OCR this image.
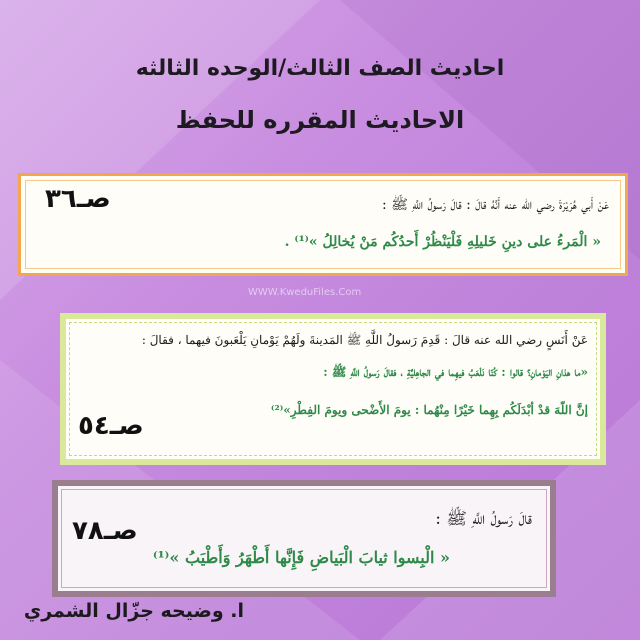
احاديث الصف الثالث/الوحده الثالثه
الاحاديث المقرره للحفظ
صـ٣٦	عَنْ أَبي هُرَيْرَةَ رضي الله عنه أَنَّهُ قالَ : قالَ رَسولُ اللَّهِ ﷺ :
« الْمَرءُ على دينِ خَليلِهِ فَلْيَنْظُرْ أَحدُكُم مَنْ يُخالِلُ »⁽¹⁾ .
WWW.KweduFiles.Com
عَنْ أَنَسٍ رضي الله عنه قالَ : قَدِمَ رَسولُ اللَّهِ ﷺ المَدينةَ ولَهُمْ يَوْمانِ يَلْعَبونَ فيهما ، فقالَ :
«ما هذانِ اليَوْمانِ؟ قالوا : كُنّا نَلْعَبُ فيهِما في الجاهِليَّةِ ، فقالَ رَسولُ اللَّهِ ﷺ :
إنَّ اللّهَ قدْ أبْدَلَكُم بِهِما خَيْرًا مِنْهُما : يومَ الأَضْحى ويومَ الفِطْرِ»⁽²⁾
صـ٥٤
صـ٧٨	قالَ رَسولُ اللَّهِ ﷺ :
« الْبِسوا ثيابَ الْبَياضِ فَإِنَّها أَطْهَرُ وَأَطْيَبُ »⁽¹⁾
ا. وضيحه جزّال الشمري
